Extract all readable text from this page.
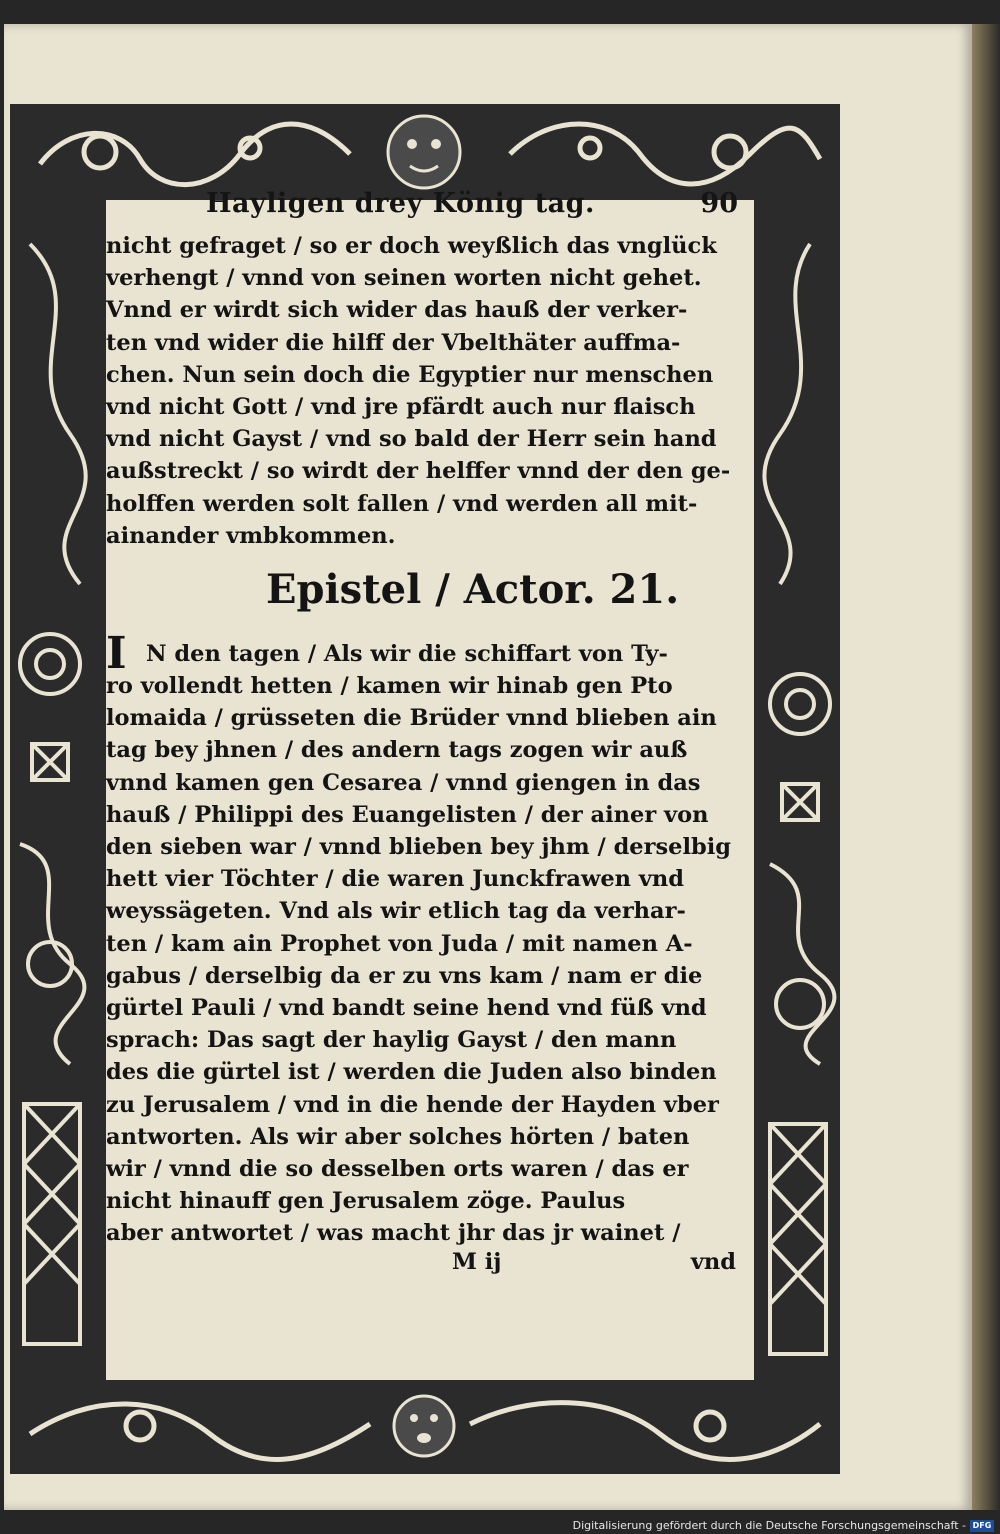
Hayligen drey König tag.	90
nicht gefraget / so er doch weyßlich das vnglück
verhengt / vnnd von seinen worten nicht gehet.
Vnnd er wirdt sich wider das hauß der verker-
ten vnd wider die hilff der Vbelthäter auffma-
chen. Nun sein doch die Egyptier nur menschen
vnd nicht Gott / vnd jre pfärdt auch nur flaisch
vnd nicht Gayst / vnd so bald der Herr sein hand
außstreckt / so wirdt der helffer vnnd der den ge-
holffen werden solt fallen / vnd werden all mit-
ainander vmbkommen.
Epistel / Actor. 21.
I N den tagen / Als wir die schiffart von Ty-
ro vollendt hetten / kamen wir hinab gen Pto
lomaida / grüsseten die Brüder vnnd blieben ain
tag bey jhnen / des andern tags zogen wir auß
vnnd kamen gen Cesarea / vnnd giengen in das
hauß / Philippi des Euangelisten / der ainer von
den sieben war / vnnd blieben bey jhm / derselbig
hett vier Töchter / die waren Junckfrawen vnd
weyssägeten. Vnd als wir etlich tag da verhar-
ten / kam ain Prophet von Juda / mit namen A-
gabus / derselbig da er zu vns kam / nam er die
gürtel Pauli / vnd bandt seine hend vnd füß vnd
sprach: Das sagt der haylig Gayst / den mann
des die gürtel ist / werden die Juden also binden
zu Jerusalem / vnd in die hende der Hayden vber
antworten. Als wir aber solches hörten / baten
wir / vnnd die so desselben orts waren / das er
nicht hinauff gen Jerusalem zöge. Paulus
aber antwortet / was macht jhr das jr wainet /
M ij	vnd
Digitalisierung gefördert durch die Deutsche Forschungsgemeinschaft - DFG
